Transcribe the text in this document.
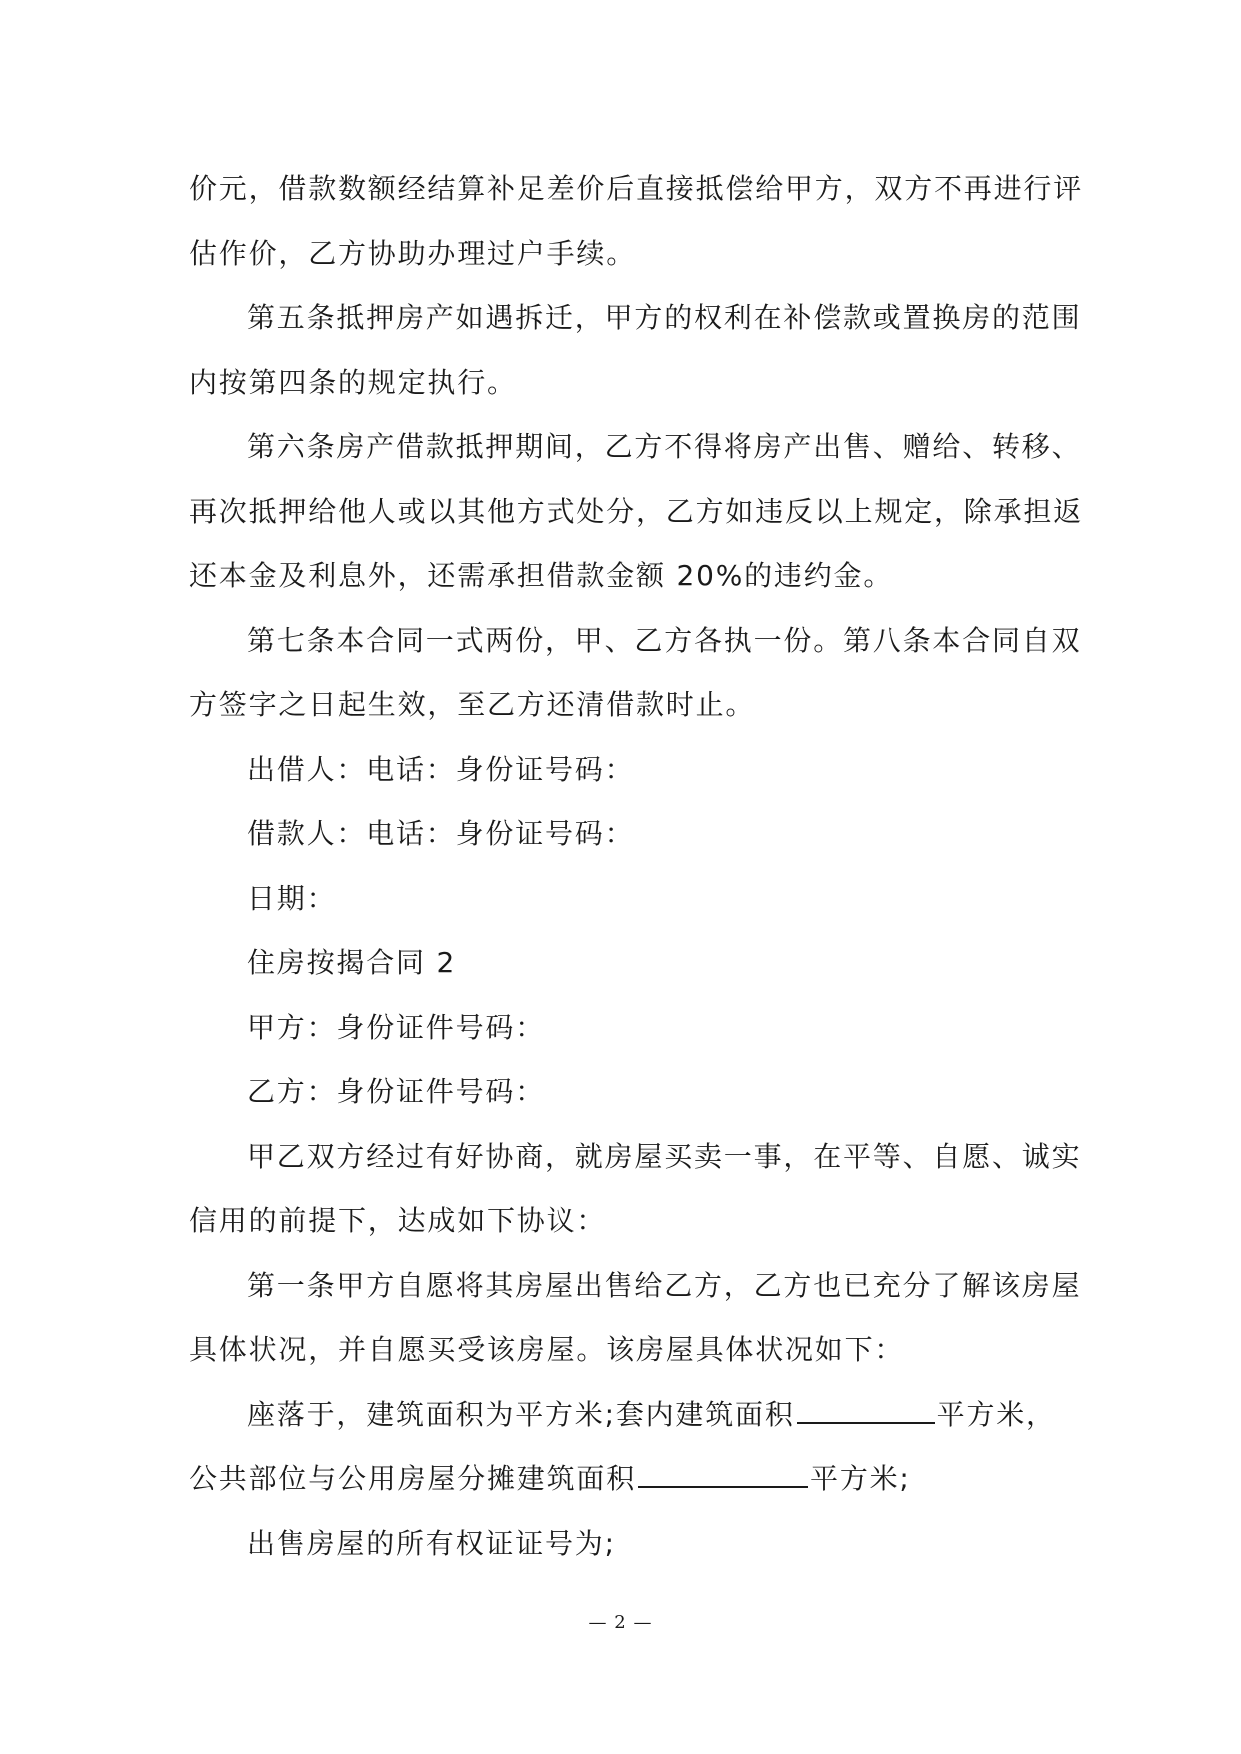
价元，借款数额经结算补足差价后直接抵偿给甲方，双方不再进行评
估作价，乙方协助办理过户手续。
第五条抵押房产如遇拆迁，甲方的权利在补偿款或置换房的范围
内按第四条的规定执行。
第六条房产借款抵押期间，乙方不得将房产出售、赠给、转移、
再次抵押给他人或以其他方式处分，乙方如违反以上规定，除承担返
还本金及利息外，还需承担借款金额 20%的违约金。
第七条本合同一式两份，甲、乙方各执一份。第八条本合同自双
方签字之日起生效，至乙方还清借款时止。
出借人：电话：身份证号码：
借款人：电话：身份证号码：
日期：
住房按揭合同 2
甲方：身份证件号码：
乙方：身份证件号码：
甲乙双方经过有好协商，就房屋买卖一事，在平等、自愿、诚实
信用的前提下，达成如下协议：
第一条甲方自愿将其房屋出售给乙方，乙方也已充分了解该房屋
具体状况，并自愿买受该房屋。该房屋具体状况如下：
座落于，建筑面积为平方米;套内建筑面积	平方米，
公共部位与公用房屋分摊建筑面积	平方米;
出售房屋的所有权证证号为;
— 2 —
